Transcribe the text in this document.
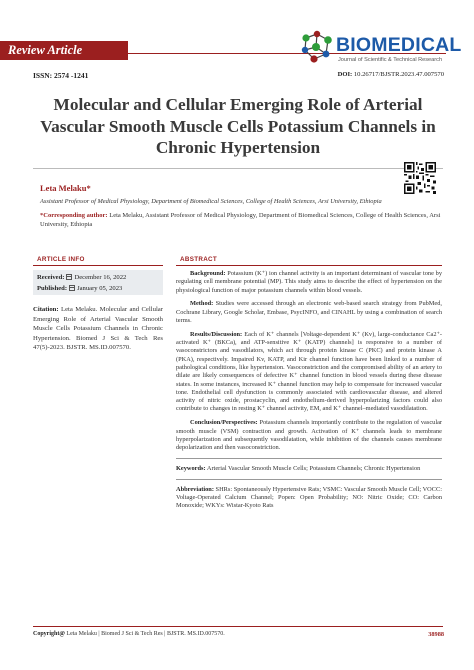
Review Article	BIOMEDICAL
Journal of Scientific & Technical Research
ISSN: 2574 -1241	DOI: 10.26717/BJSTR.2023.47.007570
Molecular and Cellular Emerging Role of Arterial Vascular Smooth Muscle Cells Potassium Channels in Chronic Hypertension
Leta Melaku*
Assistant Professor of Medical Physiology, Department of Biomedical Sciences, College of Health Sciences, Arsi University, Ethiopia
*Corresponding author: Leta Melaku, Assistant Professor of Medical Physiology, Department of Biomedical Sciences, College of Health Sciences, Arsi University, Ethiopia
ARTICLE INFO	ABSTRACT
Received: December 16, 2022
Published: January 05, 2023
Citation: Leta Melaku. Molecular and Cellular Emerging Role of Arterial Vascular Smooth Muscle Cells Potassium Channels in Chronic Hypertension. Biomed J Sci & Tech Res 47(5)-2023. BJSTR. MS.ID.007570.

Background: Potassium (K⁺) ion channel activity is an important determinant of vascular tone by regulating cell membrane potential (MP). This study aims to describe the effect of hypertension on the physiological function of major potassium channels within blood vessels.

Method: Studies were accessed through an electronic web-based search strategy from PubMed, Cochrane Library, Google Scholar, Embase, PsycINFO, and CINAHL by using a combination of search terms.

Results/Discussion: Each of K⁺ channels [Voltage-dependent K⁺ (Kv), large-conductance Ca2⁺-activated K⁺ (BKCa), and ATP-sensitive K⁺ (KATP) channels] is responsive to a number of vasoconstrictors and vasodilators, which act through protein kinase C (PKC) and protein kinase A (PKA), respectively. Impaired Kv, KATP, and Kir channel function have been linked to a number of pathological conditions, like hypertension. Vasoconstriction and the compromised ability of an artery to dilate are likely consequences of defective K⁺ channel function in blood vessels during these disease states. In some instances, increased K⁺ channel function may help to compensate for increased vascular tone. Endothelial cell dysfunction is commonly associated with cardiovascular disease, and altered activity of nitric oxide, prostacyclin, and endothelium-derived hyperpolarizing factors could also contribute to changes in resting K⁺ channel activity, EM, and K⁺ channel–mediated vasodilatation.

Conclusion/Perspectives: Potassium channels importantly contribute to the regulation of vascular smooth muscle (VSM) contraction and growth. Activation of K⁺ channels leads to membrane hyperpolarization and subsequently vasodilatation, while inhibition of the channels causes membrane depolarization and then vasoconstriction.

Keywords: Arterial Vascular Smooth Muscle Cells; Potassium Channels; Chronic Hypertension

Abbreviation: SHRs: Spontaneously Hypertensive Rats; VSMC: Vascular Smooth Muscle Cell; VOCC: Voltage-Operated Calcium Channel; Popen: Open Probability; NO: Nitric Oxide; CO: Carbon Monoxide; WKYs: Wistar-Kyoto Rats

Copyright@ Leta Melaku | Biomed J Sci & Tech Res | BJSTR. MS.ID.007570.	38988
